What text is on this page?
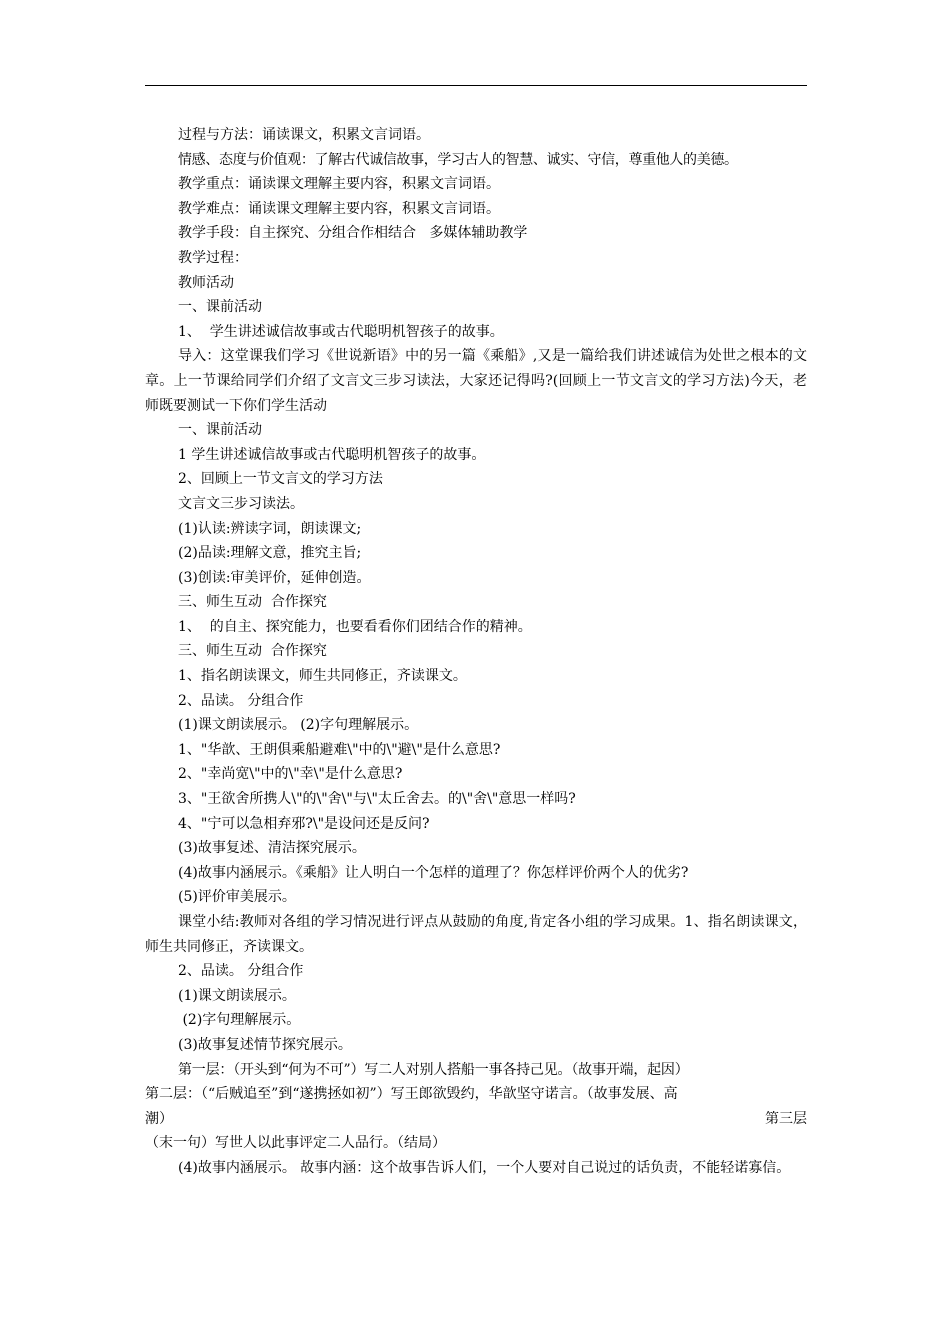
过程与方法：诵读课文，积累文言词语。

情感、态度与价值观：了解古代诚信故事，学习古人的智慧、诚实、守信，尊重他人的美德。

教学重点：诵读课文理解主要内容，积累文言词语。

教学难点：诵读课文理解主要内容，积累文言词语。

教学手段：自主探究、分组合作相结合   多媒体辅助教学

教学过程：

教师活动

一、课前活动

1、  学生讲述诚信故事或古代聪明机智孩子的故事。

导入：这堂课我们学习《世说新语》中的另一篇《乘船》,又是一篇给我们讲述诚信为处世之根本的文章。上一节课给同学们介绍了文言文三步习读法，大家还记得吗?(回顾上一节文言文的学习方法)今天，老师既要测试一下你们学生活动

一、课前活动

1 学生讲述诚信故事或古代聪明机智孩子的故事。

2、回顾上一节文言文的学习方法

文言文三步习读法。

(1)认读:辨读字词，朗读课文;

(2)品读:理解文意，推究主旨;

(3)创读:审美评价，延伸创造。

三、师生互动  合作探究

1、  的自主、探究能力，也要看看你们团结合作的精神。

三、师生互动  合作探究

1、指名朗读课文，师生共同修正，齐读课文。

2、品读。 分组合作

(1)课文朗读展示。 (2)字句理解展示。

1、"华歆、王朗俱乘船避难\"中的\"避\"是什么意思?

2、"幸尚宽\"中的\"幸\"是什么意思?

3、"王欲舍所携人\"的\"舍\"与\"太丘舍去。的\"舍\"意思一样吗?

4、"宁可以急相弃邪?\"是设问还是反问?

(3)故事复述、清洁探究展示。

(4)故事内涵展示。《乘船》让人明白一个怎样的道理了？你怎样评价两个人的优劣?

(5)评价审美展示。

课堂小结:教师对各组的学习情况进行评点从鼓励的角度,肯定各小组的学习成果。1、指名朗读课文，师生共同修正，齐读课文。

2、品读。 分组合作

(1)课文朗读展示。

(2)字句理解展示。

(3)故事复述情节探究展示。

第一层：（开头到“何为不可”）写二人对别人搭船一事各持己见。（故事开端，起因）

第二层：（“后贼追至”到“遂携拯如初”）写王郎欲毁约，华歆坚守诺言。（故事发展、高

潮）	第三层

（末一句）写世人以此事评定二人品行。（结局）

(4)故事内涵展示。 故事内涵：这个故事告诉人们，一个人要对自己说过的话负责，不能轻诺寡信。
